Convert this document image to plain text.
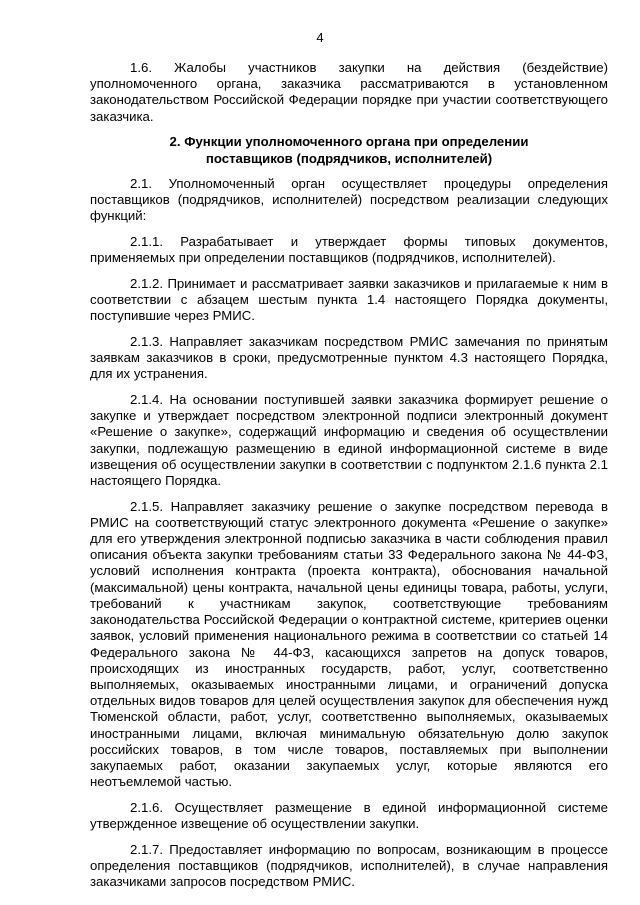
4

1.6. Жалобы участников закупки на действия (бездействие) уполномоченного органа, заказчика рассматриваются в установленном законодательством Российской Федерации порядке при участии соответствующего заказчика.

2. Функции уполномоченного органа при определении
поставщиков (подрядчиков, исполнителей)

2.1. Уполномоченный орган осуществляет процедуры определения поставщиков (подрядчиков, исполнителей) посредством реализации следующих функций:

2.1.1. Разрабатывает и утверждает формы типовых документов, применяемых при определении поставщиков (подрядчиков, исполнителей).

2.1.2. Принимает и рассматривает заявки заказчиков и прилагаемые к ним в соответствии с абзацем шестым пункта 1.4 настоящего Порядка документы, поступившие через РМИС.

2.1.3. Направляет заказчикам посредством РМИС замечания по принятым заявкам заказчиков в сроки, предусмотренные пунктом 4.3 настоящего Порядка, для их устранения.

2.1.4. На основании поступившей заявки заказчика формирует решение о закупке и утверждает посредством электронной подписи электронный документ «Решение о закупке», содержащий информацию и сведения об осуществлении закупки, подлежащую размещению в единой информационной системе в виде извещения об осуществлении закупки в соответствии с подпунктом 2.1.6 пункта 2.1 настоящего Порядка.

2.1.5. Направляет заказчику решение о закупке посредством перевода в РМИС на соответствующий статус электронного документа «Решение о закупке» для его утверждения электронной подписью заказчика в части соблюдения правил описания объекта закупки требованиям статьи 33 Федерального закона № 44-ФЗ, условий исполнения контракта (проекта контракта), обоснования начальной (максимальной) цены контракта, начальной цены единицы товара, работы, услуги, требований к участникам закупок, соответствующие требованиям законодательства Российской Федерации о контрактной системе, критериев оценки заявок, условий применения национального режима в соответствии со статьей 14 Федерального закона № 44-ФЗ, касающихся запретов на допуск товаров, происходящих из иностранных государств, работ, услуг, соответственно выполняемых, оказываемых иностранными лицами, и ограничений допуска отдельных видов товаров для целей осуществления закупок для обеспечения нужд Тюменской области, работ, услуг, соответственно выполняемых, оказываемых иностранными лицами, включая минимальную обязательную долю закупок российских товаров, в том числе товаров, поставляемых при выполнении закупаемых работ, оказании закупаемых услуг, которые являются его неотъемлемой частью.

2.1.6. Осуществляет размещение в единой информационной системе утвержденное извещение об осуществлении закупки.

2.1.7. Предоставляет информацию по вопросам, возникающим в процессе определения поставщиков (подрядчиков, исполнителей), в случае направления заказчиками запросов посредством РМИС.
